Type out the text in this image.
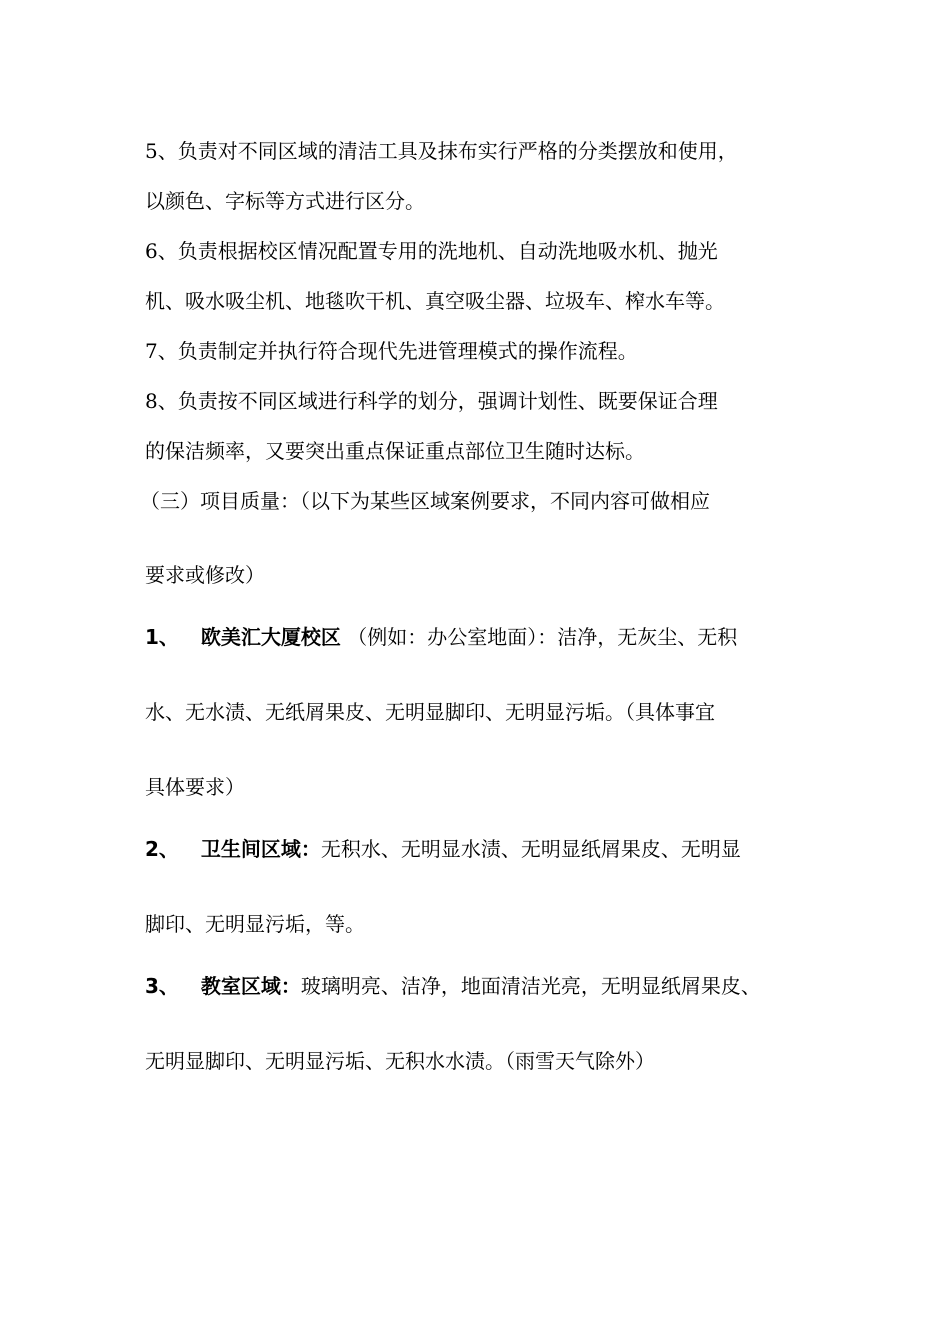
5、负责对不同区域的清洁工具及抹布实行严格的分类摆放和使用，
以颜色、字标等方式进行区分。
6、负责根据校区情况配置专用的洗地机、自动洗地吸水机、抛光
机、吸水吸尘机、地毯吹干机、真空吸尘器、垃圾车、榨水车等。
7、负责制定并执行符合现代先进管理模式的操作流程。
8、负责按不同区域进行科学的划分，强调计划性、既要保证合理
的保洁频率，又要突出重点保证重点部位卫生随时达标。
（三）项目质量：（以下为某些区域案例要求，不同内容可做相应
要求或修改）
1、 欧美汇大厦校区 （例如：办公室地面）：洁净，无灰尘、无积
水、无水渍、无纸屑果皮、无明显脚印、无明显污垢。（具体事宜
具体要求）
2、 卫生间区域：无积水、无明显水渍、无明显纸屑果皮、无明显
脚印、无明显污垢，等。
3、 教室区域：玻璃明亮、洁净，地面清洁光亮，无明显纸屑果皮、
无明显脚印、无明显污垢、无积水水渍。（雨雪天气除外）
